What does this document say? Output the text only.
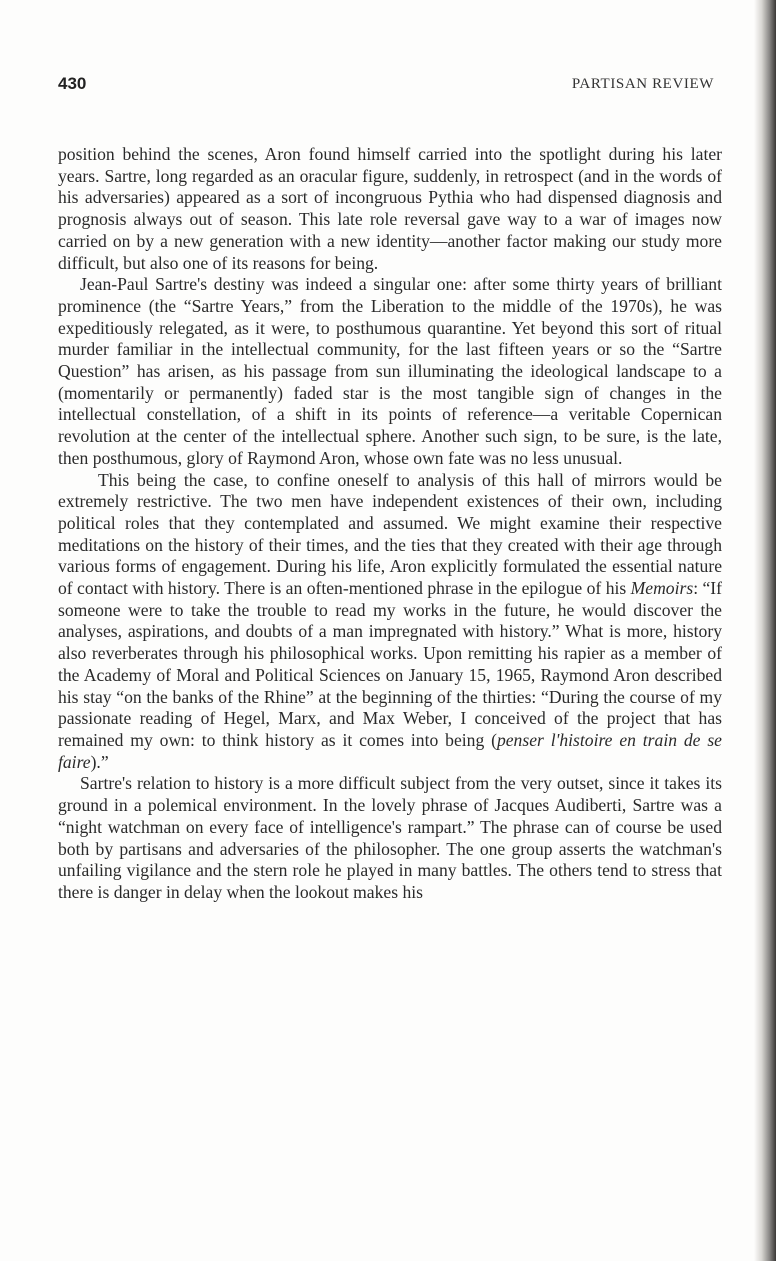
430	PARTISAN REVIEW

position behind the scenes, Aron found himself carried into the spotlight during his later years. Sartre, long regarded as an oracular figure, suddenly, in retrospect (and in the words of his adversaries) appeared as a sort of incongruous Pythia who had dispensed diagnosis and prognosis always out of season. This late role reversal gave way to a war of images now carried on by a new generation with a new identity—another factor making our study more difficult, but also one of its reasons for being.

Jean-Paul Sartre's destiny was indeed a singular one: after some thirty years of brilliant prominence (the “Sartre Years,” from the Liberation to the middle of the 1970s), he was expeditiously relegated, as it were, to posthumous quarantine. Yet beyond this sort of ritual murder familiar in the intellectual community, for the last fifteen years or so the “Sartre Question” has arisen, as his passage from sun illuminating the ideological landscape to a (momentarily or permanently) faded star is the most tangible sign of changes in the intellectual constellation, of a shift in its points of reference—a veritable Copernican revolution at the center of the intellectual sphere. Another such sign, to be sure, is the late, then posthumous, glory of Raymond Aron, whose own fate was no less unusual.

This being the case, to confine oneself to analysis of this hall of mirrors would be extremely restrictive. The two men have independent existences of their own, including political roles that they contemplated and assumed. We might examine their respective meditations on the history of their times, and the ties that they created with their age through various forms of engagement. During his life, Aron explicitly formulated the essential nature of contact with history. There is an often-mentioned phrase in the epilogue of his Memoirs: “If someone were to take the trouble to read my works in the future, he would discover the analyses, aspirations, and doubts of a man impregnated with history.” What is more, history also reverberates through his philosophical works. Upon remitting his rapier as a member of the Academy of Moral and Political Sciences on January 15, 1965, Raymond Aron described his stay “on the banks of the Rhine” at the beginning of the thirties: “During the course of my passionate reading of Hegel, Marx, and Max Weber, I conceived of the project that has remained my own: to think history as it comes into being (penser l'histoire en train de se faire).”

Sartre's relation to history is a more difficult subject from the very outset, since it takes its ground in a polemical environment. In the lovely phrase of Jacques Audiberti, Sartre was a “night watchman on every face of intelligence's rampart.” The phrase can of course be used both by partisans and adversaries of the philosopher. The one group asserts the watchman's unfailing vigilance and the stern role he played in many battles. The others tend to stress that there is danger in delay when the lookout makes his
